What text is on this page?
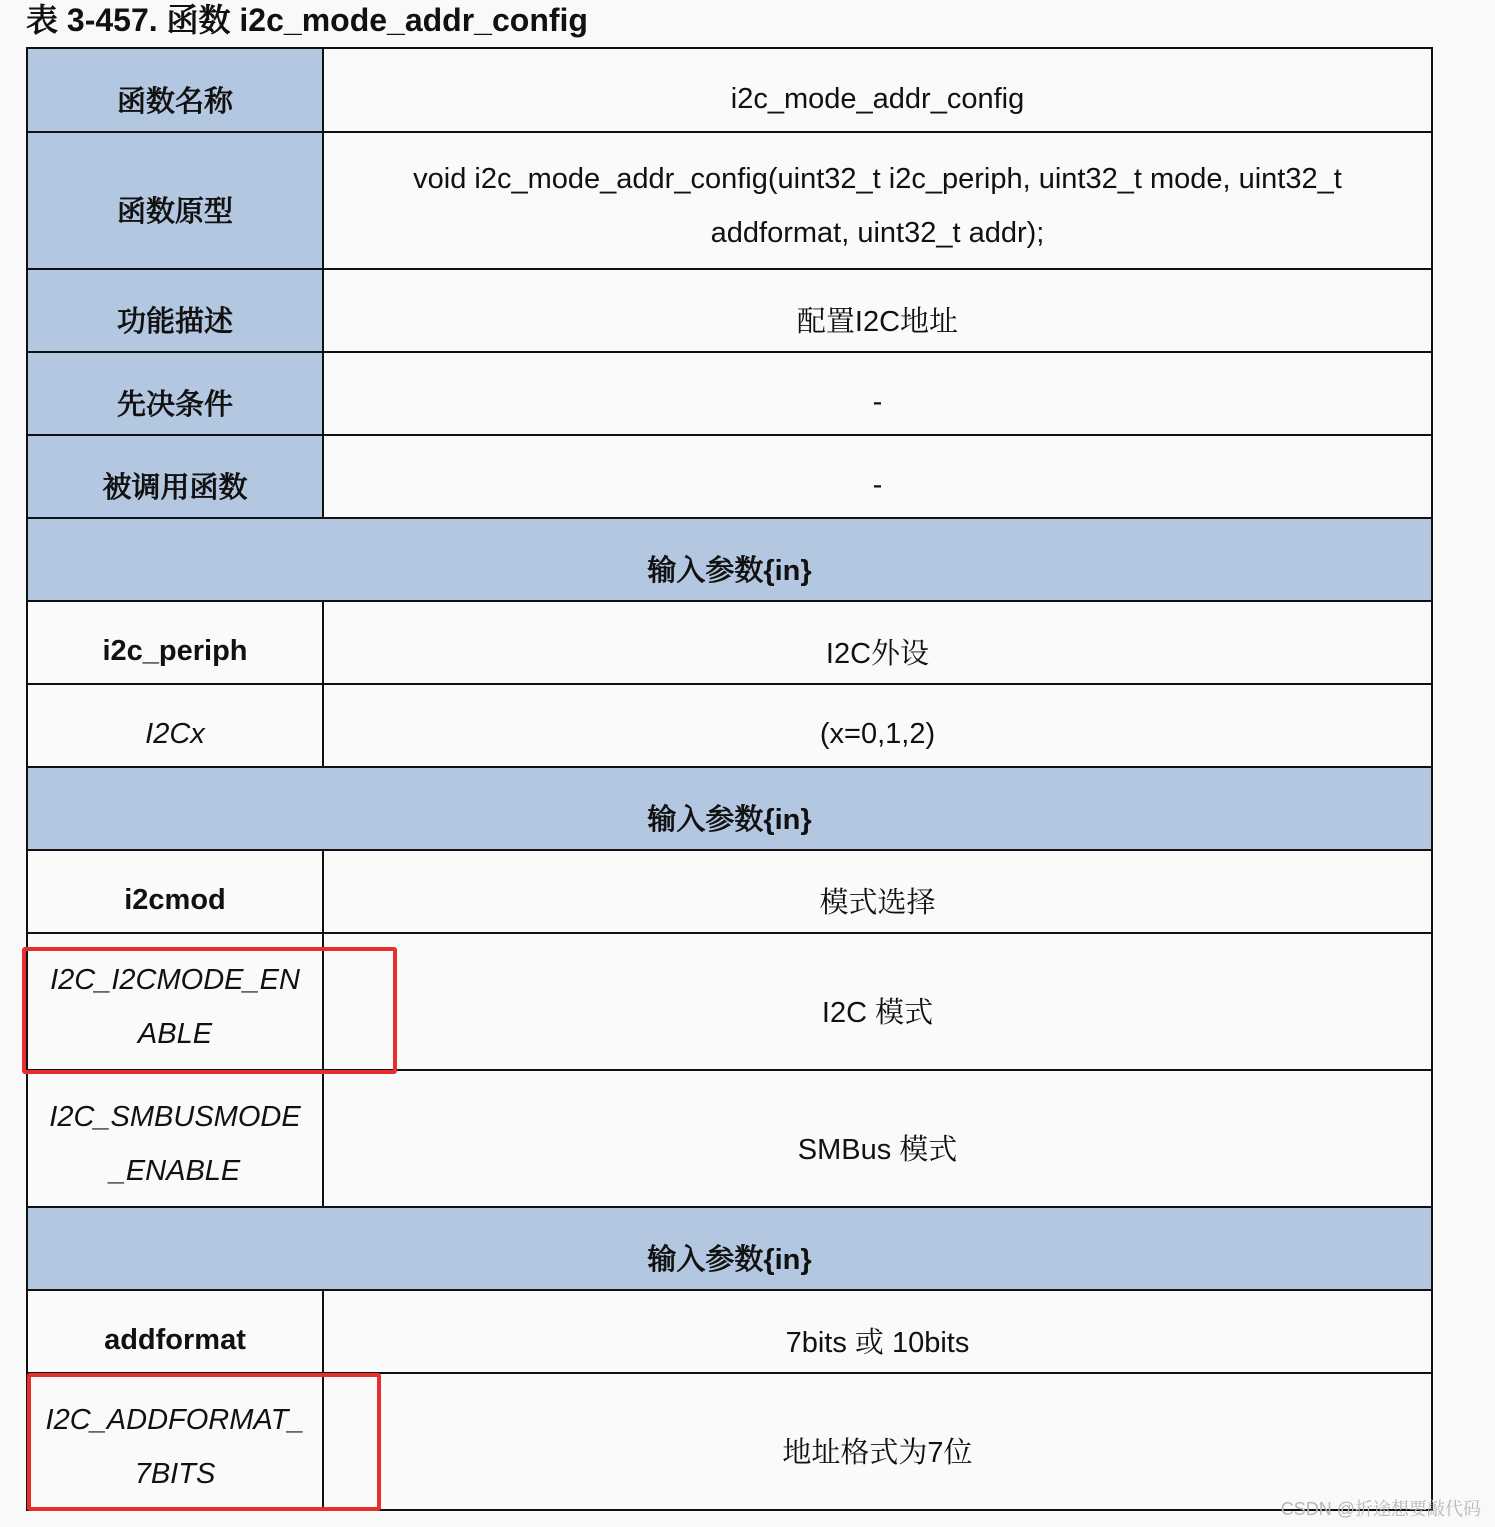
表 3-457. 函数 i2c_mode_addr_config
函数名称	i2c_mode_addr_config
函数原型	void i2c_mode_addr_config(uint32_t i2c_periph, uint32_t mode, uint32_t
addformat, uint32_t addr);

功能描述	配置I2C地址
先决条件	-
被调用函数	-
输入参数{in}	
i2c_periph	I2C外设
I2Cx	(x=0,1,2)
输入参数{in}	
i2cmod	模式选择

I2C_I2CMODE_EN
ABLE	I2C 模式

I2C_SMBUSMODE
_ENABLE	SMBus 模式
输入参数{in}	
addformat	7bits 或 10bits

I2C_ADDFORMAT_
7BITS	地址格式为7位
CSDN @折途想要敲代码
